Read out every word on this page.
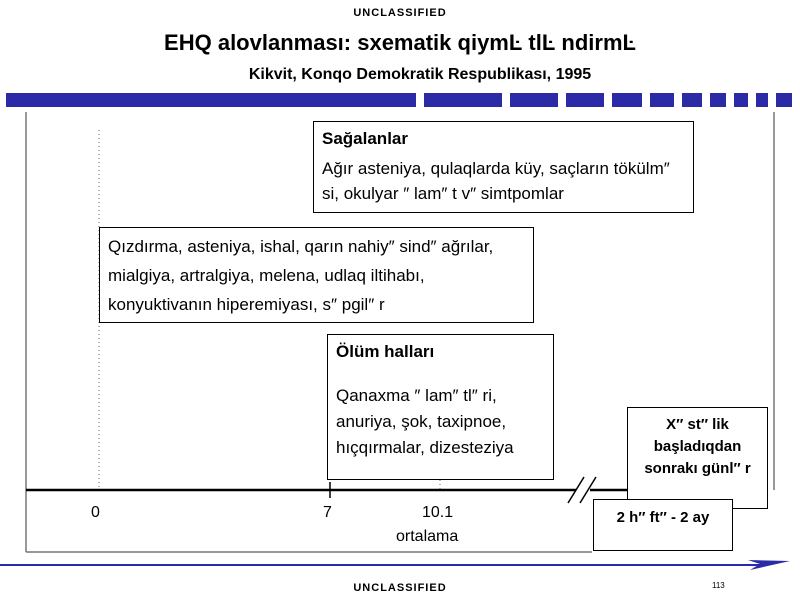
UNCLASSIFIED
EHQ alovlanması: sxematik qiymĿ tlĿ ndirmĿ
Kikvit, Konqo Demokratik Respublikası, 1995
0	7	10.1
ortalama
Sağalanlar
Ağır asteniya, qulaqlarda küy, saçların tökülm″ si, okulyar ″ lam″ t v″ simtpomlar
Qızdırma, asteniya, ishal, qarın nahiy″ sind″ ağrılar, mialgiya, artralgiya, melena, udlaq iltihabı, konyuktivanın hiperemiyası, s″ pgil″ r
Ölüm halları
Qanaxma ″ lam″ tl″ ri, anuriya, şok, taxipnoe, hıçqırmalar, dizesteziya
X″ st″ lik başladıqdan sonrakı günl″ r
2 h″ ft″ - 2 ay
UNCLASSIFIED	113
